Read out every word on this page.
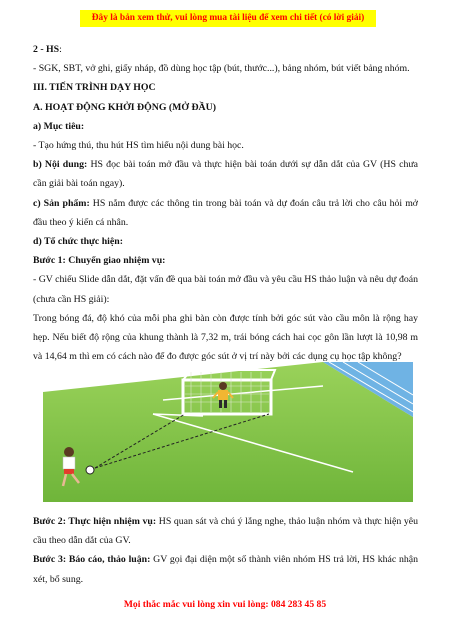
Đây là bản xem thử, vui lòng mua tài liệu để xem chi tiết (có lời giải)

2 - HS:

- SGK, SBT, vở ghi, giấy nháp, đồ dùng học tập (bút, thước...), bảng nhóm, bút viết bảng nhóm.

III. TIẾN TRÌNH DẠY HỌC

A. HOẠT ĐỘNG KHỞI ĐỘNG (MỞ ĐẦU)

a) Mục tiêu:

- Tạo hứng thú, thu hút HS tìm hiểu nội dung bài học.

b) Nội dung: HS đọc bài toán mở đầu và thực hiện bài toán dưới sự dẫn dắt của GV (HS chưa cần giải bài toán ngay).

c) Sản phẩm: HS nắm được các thông tin trong bài toán và dự đoán câu trả lời cho câu hỏi mở đầu theo ý kiến cá nhân.

d) Tổ chức thực hiện:

Bước 1: Chuyển giao nhiệm vụ:

- GV chiếu Slide dẫn dắt, đặt vấn đề qua bài toán mở đầu và yêu cầu HS thảo luận và nêu dự đoán (chưa cần HS giải):

Trong bóng đá, độ khó của mỗi pha ghi bàn còn được tính bởi góc sút vào cầu môn là rộng hay hẹp. Nếu biết độ rộng của khung thành là 7,32 m, trái bóng cách hai cọc gôn lần lượt là 10,98 m và 14,64 m thì em có cách nào để đo được góc sút ở vị trí này bởi các dụng cụ học tập không?

Bước 2: Thực hiện nhiệm vụ: HS quan sát và chú ý lắng nghe, thảo luận nhóm và thực hiện yêu cầu theo dẫn dắt của GV.

Bước 3: Báo cáo, thảo luận: GV gọi đại diện một số thành viên nhóm HS trả lời, HS khác nhận xét, bổ sung.

Mọi thắc mắc vui lòng xin vui lòng: 084 283 45 85
